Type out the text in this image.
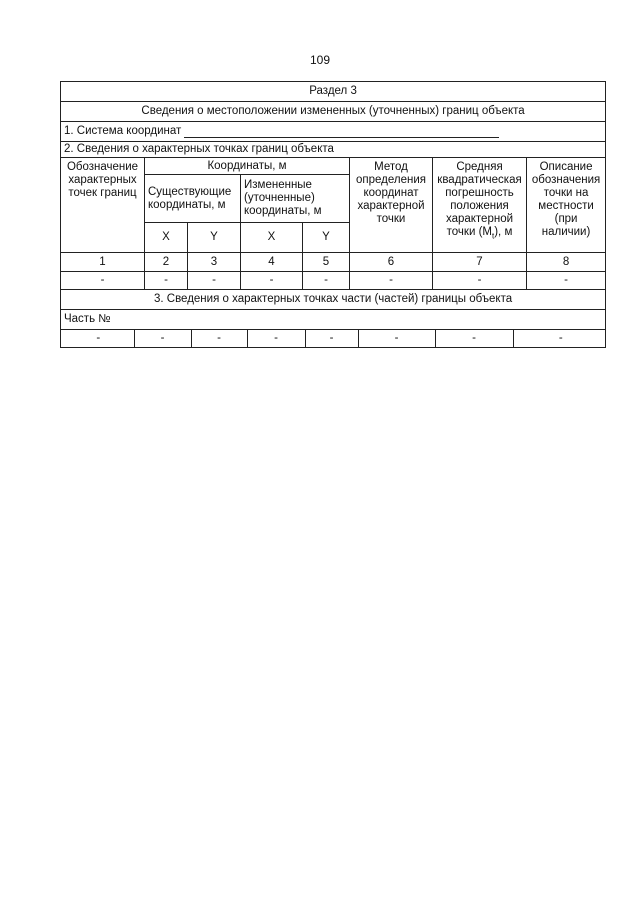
109
Раздел 3
Сведения о местоположении измененных (уточненных) границ объекта
1. Система координат
2. Сведения о характерных точках границ объекта
Обозначение характерных точек границ	Координаты, м	Метод определения координат характерной точки	Средняя квадратическая погрешность положения характерной точки $(M_t)$, м	Описание обозначения точки на местности (при наличии)
Существующие координаты, м	Измененные (уточненные) координаты, м
X	Y	X	Y
1	2	3	4	5	6	7	8
-	-	-	-	-	-	-	-
3. Сведения о характерных точках части (частей) границы объекта
Часть №

-	-	-	-	-	-	-	-
